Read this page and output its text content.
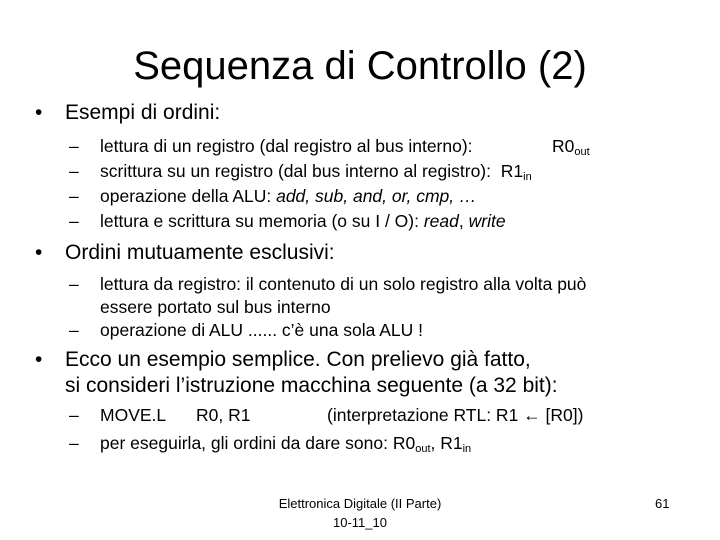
Sequenza di Controllo (2)
• Esempi di ordini:
– lettura di un registro (dal registro al bus interno):	$R0_{out}$
– scrittura su un registro (dal bus interno al registro): $R1_{in}$
– operazione della ALU: add, sub, and, or, cmp, …
– lettura e scrittura su memoria (o su I / O): read, write
• Ordini mutuamente esclusivi:
– lettura da registro: il contenuto di un solo registro alla volta può
essere portato sul bus interno
– operazione di ALU ...... c’è una sola ALU !
• Ecco un esempio semplice. Con prelievo già fatto,
si consideri l’istruzione macchina seguente (a 32 bit):
– MOVE.L R0, R1	(interpretazione RTL: R1 ← [R0])
– per eseguirla, gli ordini da dare sono: $R0_{out}$, $R1_{in}$
Elettronica Digitale (II Parte)
10-11_10
61
